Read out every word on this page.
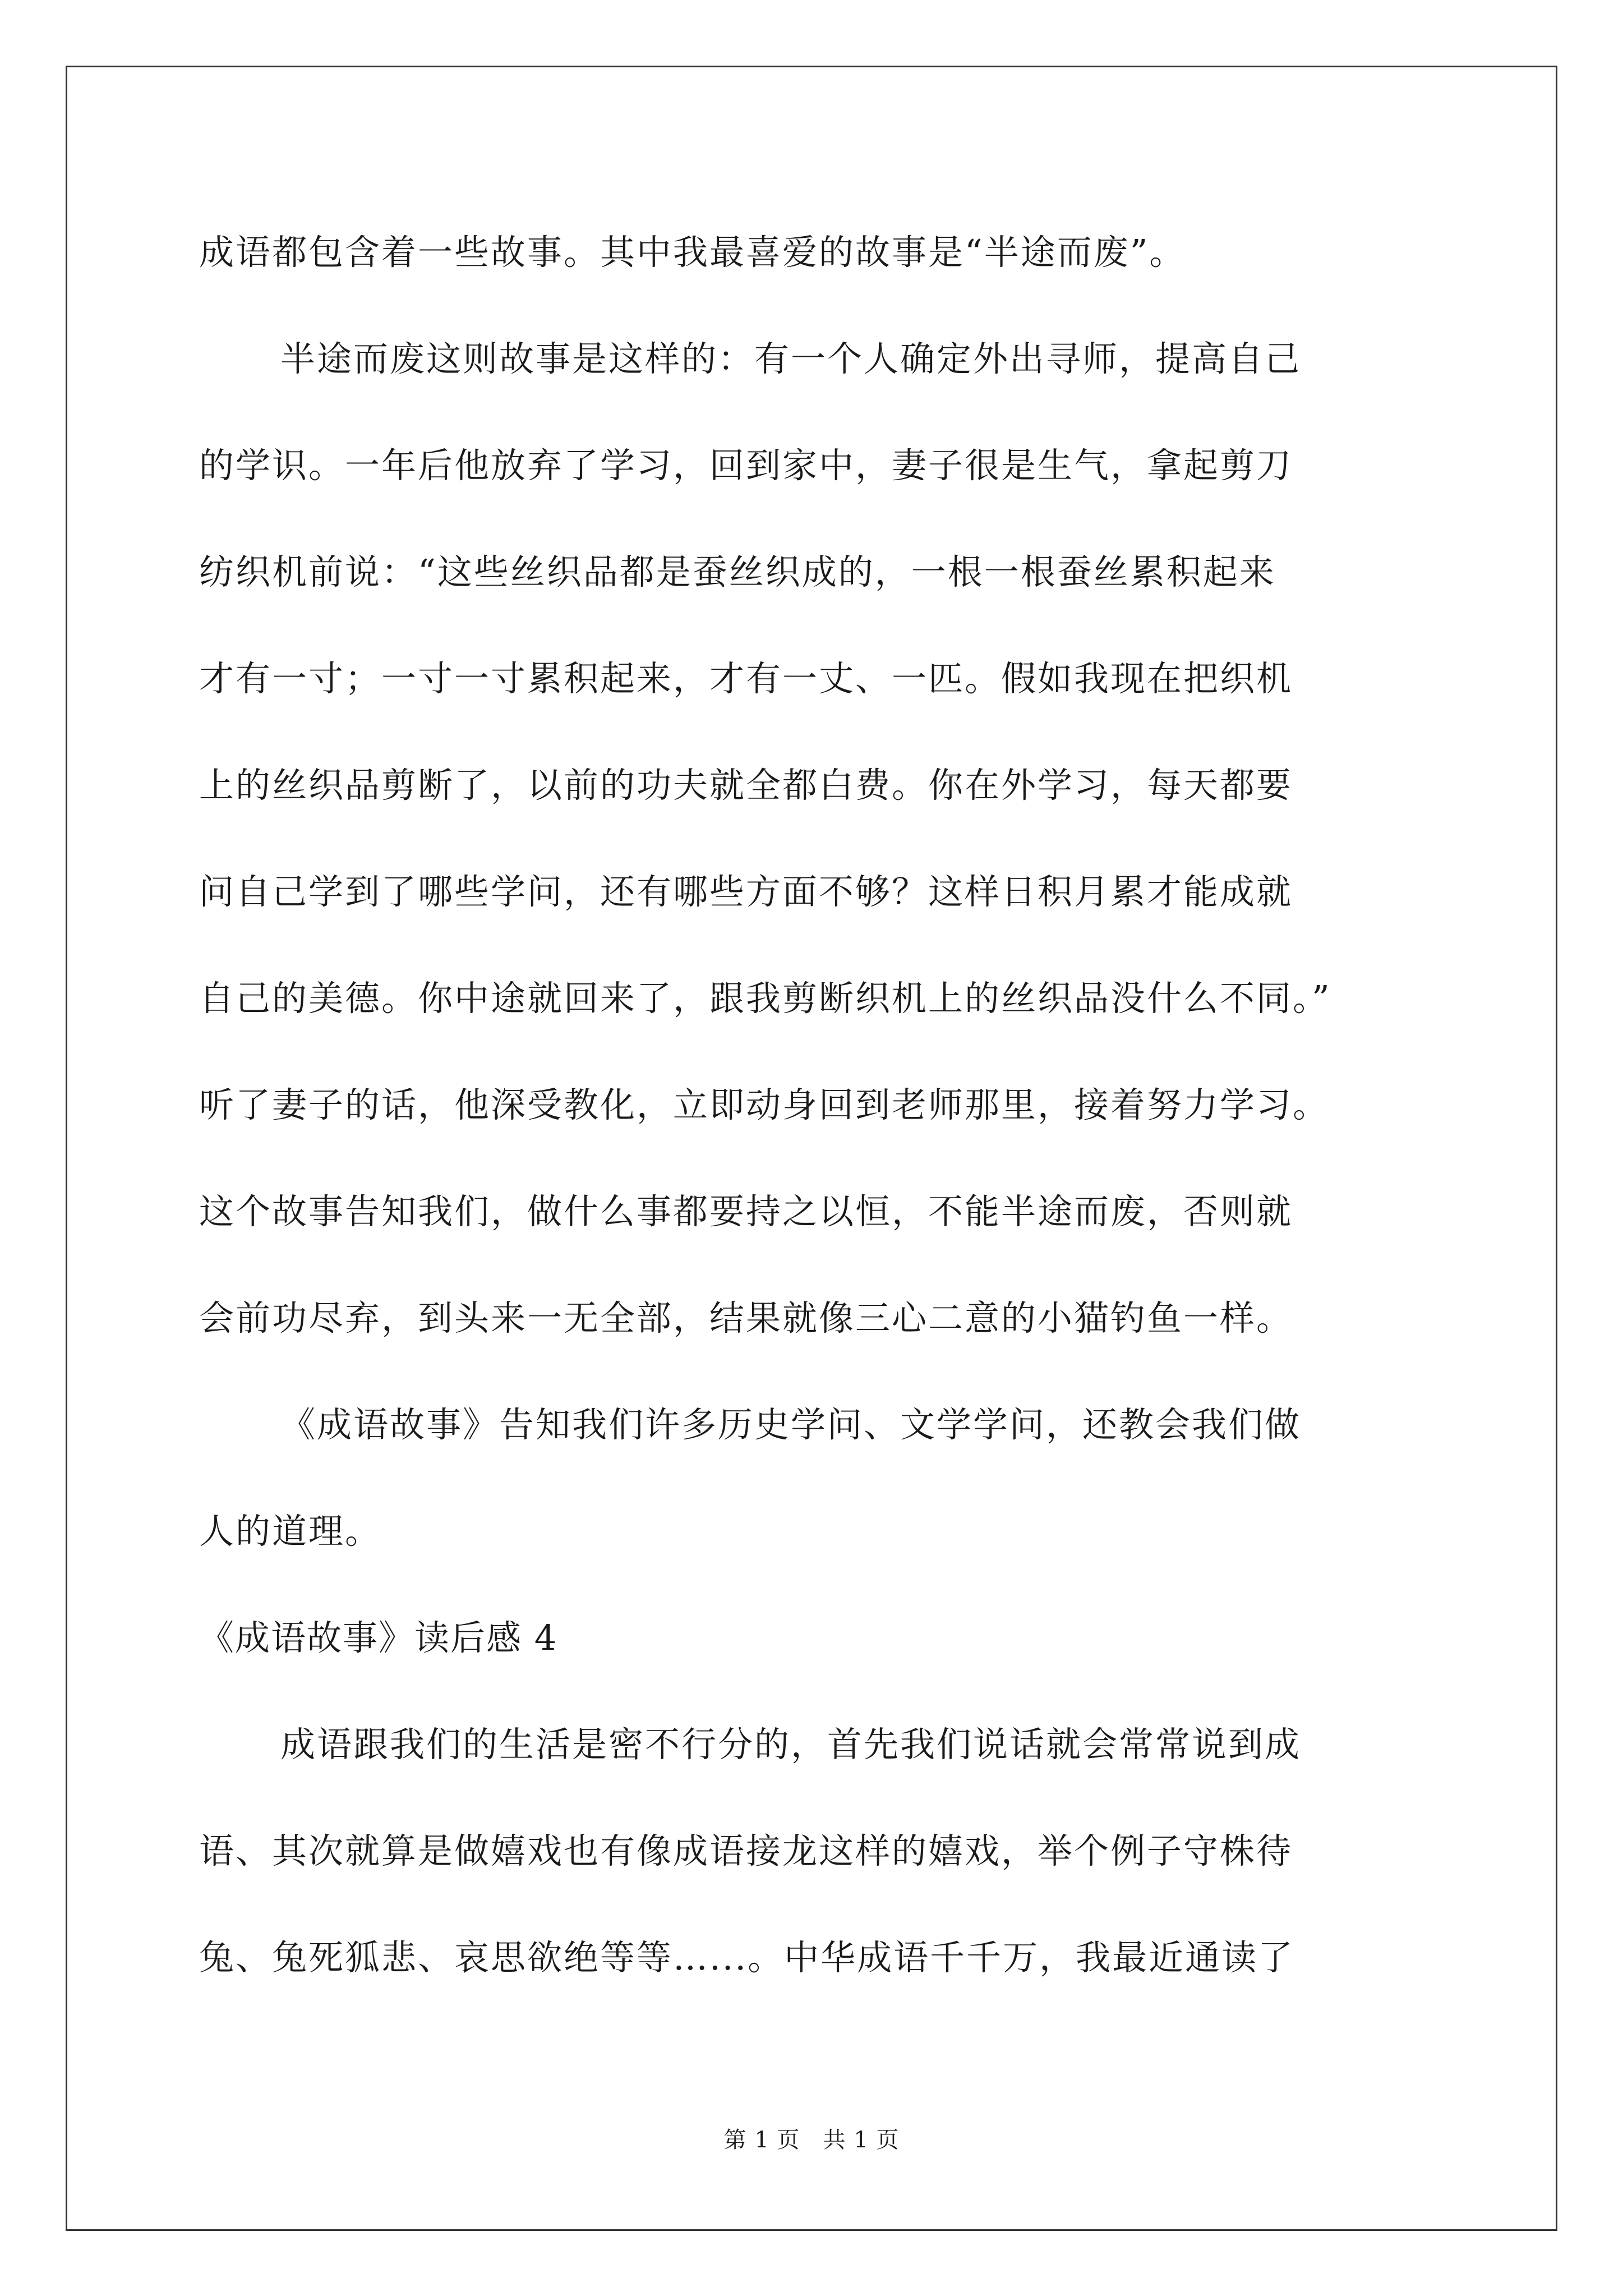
成语都包含着一些故事。其中我最喜爱的故事是“半途而废”。
半途而废这则故事是这样的：有一个人确定外出寻师，提高自己
的学识。一年后他放弃了学习，回到家中，妻子很是生气，拿起剪刀
纺织机前说：“这些丝织品都是蚕丝织成的，一根一根蚕丝累积起来
才有一寸；一寸一寸累积起来，才有一丈、一匹。假如我现在把织机
上的丝织品剪断了，以前的功夫就全都白费。你在外学习，每天都要
问自己学到了哪些学问，还有哪些方面不够？这样日积月累才能成就
自己的美德。你中途就回来了，跟我剪断织机上的丝织品没什么不同。”
听了妻子的话，他深受教化，立即动身回到老师那里，接着努力学习。
这个故事告知我们，做什么事都要持之以恒，不能半途而废，否则就
会前功尽弃，到头来一无全部，结果就像三心二意的小猫钓鱼一样。
《成语故事》告知我们许多历史学问、文学学问，还教会我们做
人的道理。
《成语故事》读后感 4
成语跟我们的生活是密不行分的，首先我们说话就会常常说到成
语、其次就算是做嬉戏也有像成语接龙这样的嬉戏，举个例子守株待
兔、兔死狐悲、哀思欲绝等等…...。中华成语千千万，我最近通读了
第 1 页　共 1 页
